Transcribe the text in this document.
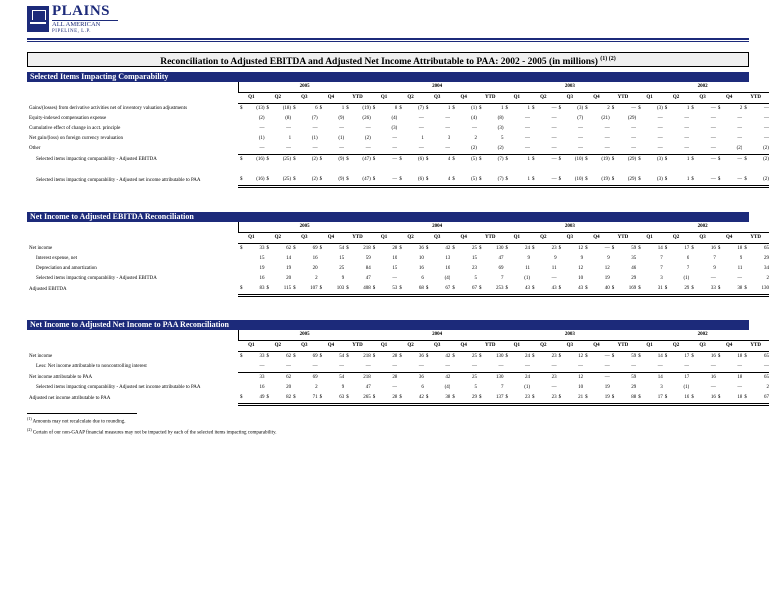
PLAINS
ALL AMERICAN
PIPELINE, L.P.
Reconciliation to Adjusted EBITDA and Adjusted Net Income Attributable to PAA: 2002 - 2005 (in millions) $^{(1) (2)}$
Selected Items Impacting Comparability
	2005										2004										2003										2002									
	Q1		Q2		Q3		Q4		YTD		Q1		Q2		Q3		Q4		YTD		Q1		Q2		Q3		Q4		YTD		Q1		Q2		Q3		Q4		YTD	
Gains/(losses) from derivative activities net of inventory valuation adjustments	$	(13)	$	(18)	$	6	$	1	$	(19)	$	8	$	(7)	$	1	$	(1)	$	1	$	1	$	—	$	(3)	$	2	$	—	$	(3)	$	1	$	—	$	2	$	—
Equity-indexed compensation expense		(2)		(8)		(7)		(9)		(26)		(4)		—		—		(4)		(8)		—		—		(7)		(21)		(29)		—		—		—		—		—
Cumulative effect of change in acct. principle		—		—		—		—		—		(3)		—		—		—		(3)		—		—		—		—		—		—		—		—		—		—
Net gain/(loss) on foreign currency revaluation		(1)		1		(1)		(1)		(2)		—		1		3		2		5		—		—		—		—		—		—		—		—		—		—
Other		—		—		—		—		—		—		—		—		(2)		(2)		—		—		—		—		—		—		—		—		(2)		(2)
Selected items impacting comparability - Adjusted EBITDA	$	(16)	$	(25)	$	(2)	$	(9)	$	(47)	$	—	$	(6)	$	4	$	(5)	$	(7)	$	1	$	—	$	(10)	$	(19)	$	(29)	$	(3)	$	1	$	—	$	—	$	(2)

Selected items impacting comparability - Adjusted net income attributable to PAA	$	(16)	$	(25)	$	(2)	$	(9)	$	(47)	$	—	$	(6)	$	4	$	(5)	$	(7)	$	1	$	—	$	(10)	$	(19)	$	(29)	$	(3)	$	1	$	—	$	—	$	(2)
Net Income to Adjusted EBITDA Reconciliation
	2005										2004										2003										2002									
	Q1		Q2		Q3		Q4		YTD		Q1		Q2		Q3		Q4		YTD		Q1		Q2		Q3		Q4		YTD		Q1		Q2		Q3		Q4		YTD	
Net income	$	33	$	62	$	69	$	54	$	218	$	28	$	36	$	42	$	25	$	130	$	24	$	23	$	12	$	—	$	59	$	14	$	17	$	16	$	18	$	65
Interest expense, net		15		14		16		15		59		10		10		13		15		47		9		9		9		9		35		7		6		7		9		29
Depreciation and amortization		19		19		20		25		84		15		16		16		23		69		11		11		12		12		46		7		7		9		11		34
Selected items impacting comparability - Adjusted EBITDA		16		20		2		9		47		—		6		(4)		5		7		(1)		—		10		19		29		3		(1)		—		—		2
Adjusted EBITDA	$	83	$	115	$	107	$	103	$	408	$	53	$	68	$	67	$	67	$	253	$	43	$	43	$	43	$	40	$	169	$	31	$	29	$	33	$	38	$	130
Net Income to Adjusted Net Income to PAA Reconciliation
	2005										2004										2003										2002									
	Q1		Q2		Q3		Q4		YTD		Q1		Q2		Q3		Q4		YTD		Q1		Q2		Q3		Q4		YTD		Q1		Q2		Q3		Q4		YTD	
Net income	$	33	$	62	$	69	$	54	$	218	$	28	$	36	$	42	$	25	$	130	$	24	$	23	$	12	$	—	$	59	$	14	$	17	$	16	$	18	$	65
Less: Net income attributable to noncontrolling interest		—		—		—		—		—		—		—		—		—		—		—		—		—		—		—		—		—		—		—		—
Net income attributable to PAA		33		62		69		54		218		28		36		42		25		130		24		23		12		—		59		14		17		16		18		65
Selected items impacting comparability - Adjusted net income attributable to PAA		16		20		2		9		47		—		6		(4)		5		7		(1)		—		10		19		29		3		(1)		—		—		2
Adjusted net income attributable to PAA	$	49	$	82	$	71	$	63	$	265	$	28	$	42	$	38	$	29	$	137	$	23	$	23	$	21	$	19	$	88	$	17	$	16	$	16	$	18	$	67
$^{(1)}$ Amounts may not recalculate due to rounding.
$^{(2)}$ Certain of our non-GAAP financial measures may not be impacted by each of the selected items impacting comparability.
